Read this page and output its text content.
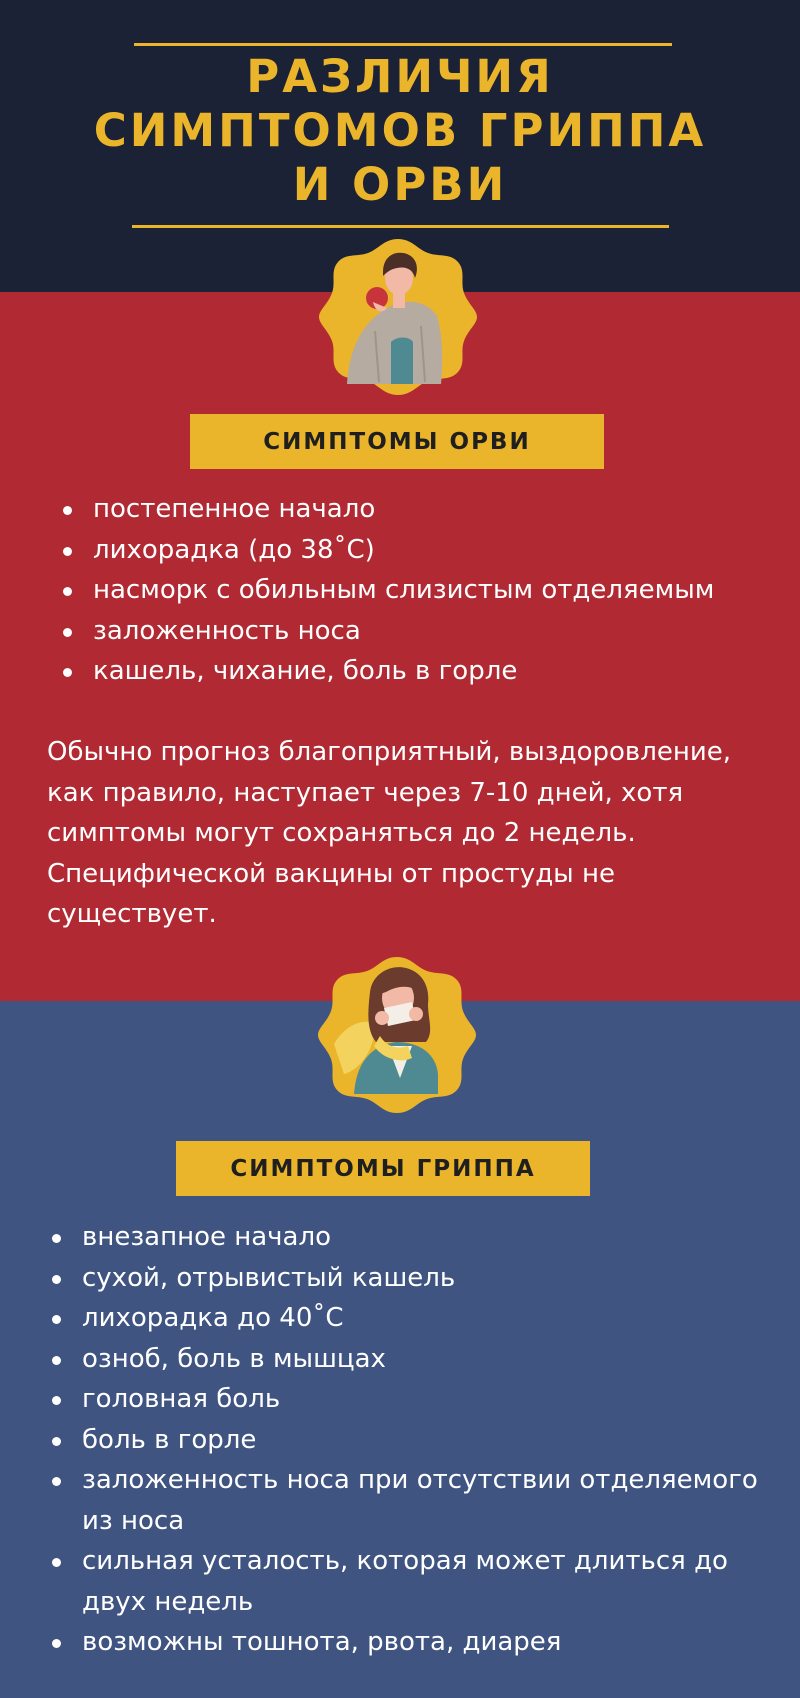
РАЗЛИЧИЯ
СИМПТОМОВ ГРИППА
И ОРВИ
СИМПТОМЫ ОРВИ
постепенное начало
лихорадка (до 38˚С)
насморк с обильным слизистым отделяемым
заложенность носа
кашель, чихание, боль в горле

Обычно прогноз благоприятный, выздоровление, как правило, наступает через 7-10 дней, хотя симптомы могут сохраняться до 2 недель. Специфической вакцины от простуды не существует.

СИМПТОМЫ ГРИППА
внезапное начало
сухой, отрывистый кашель
лихорадка до 40˚С
озноб, боль в мышцах
головная боль
боль в горле
заложенность носа при отсутствии отделяемого из носа
сильная усталость, которая может длиться до двух недель
возможны тошнота, рвота, диарея
